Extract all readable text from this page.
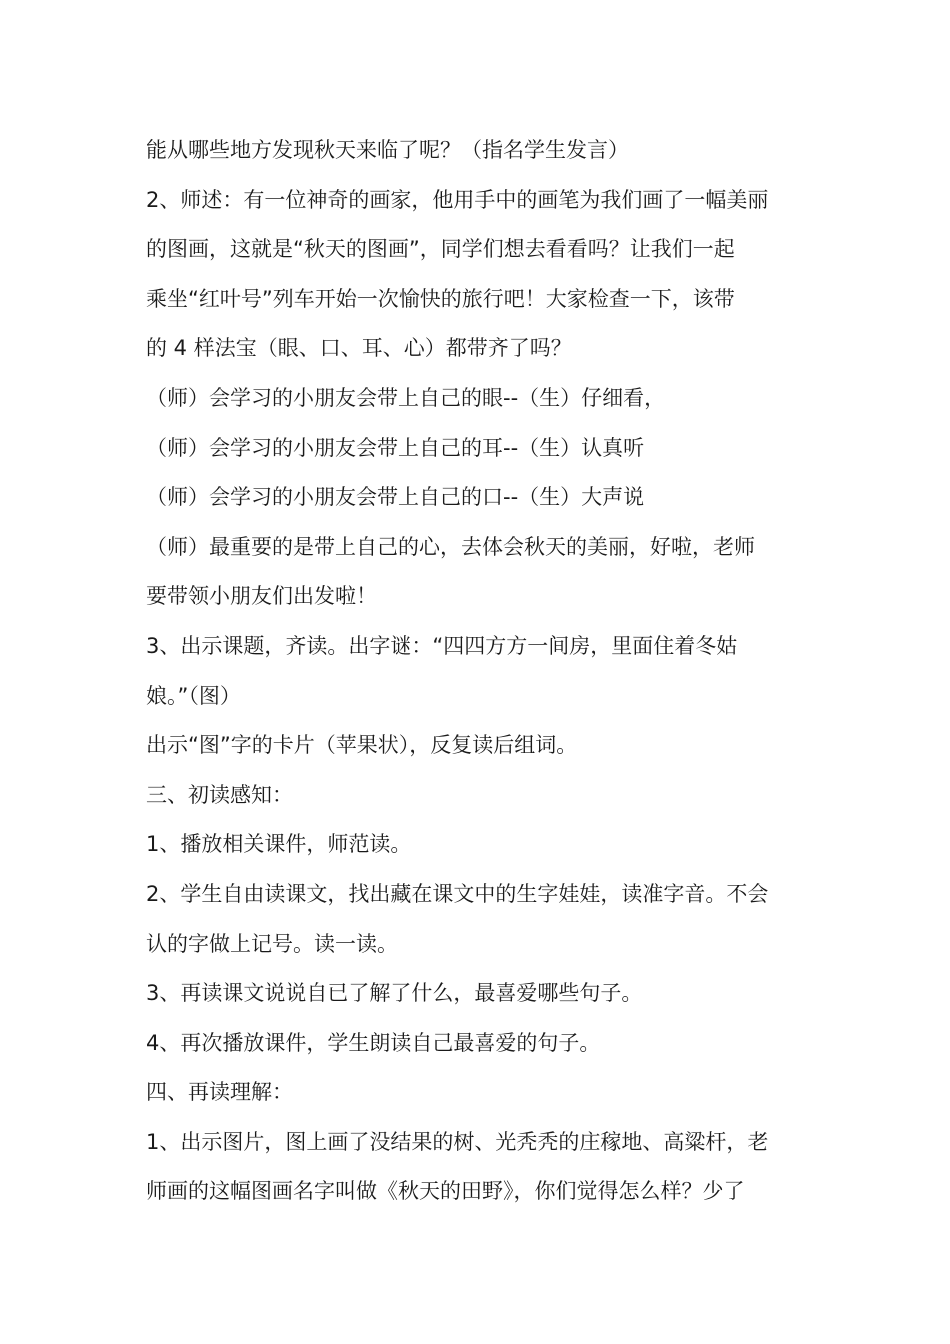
能从哪些地方发现秋天来临了呢？（指名学生发言）

2、师述：有一位神奇的画家，他用手中的画笔为我们画了一幅美丽

的图画，这就是“秋天的图画”，同学们想去看看吗？让我们一起

乘坐“红叶号”列车开始一次愉快的旅行吧！大家检查一下，该带

的 4 样法宝（眼、口、耳、心）都带齐了吗？

（师）会学习的小朋友会带上自己的眼--（生）仔细看，

（师）会学习的小朋友会带上自己的耳--（生）认真听

（师）会学习的小朋友会带上自己的口--（生）大声说

（师）最重要的是带上自己的心，去体会秋天的美丽，好啦，老师

要带领小朋友们出发啦！

3、出示课题，齐读。出字谜：“四四方方一间房，里面住着冬姑

娘。”（图）

出示“图”字的卡片（苹果状），反复读后组词。

三、初读感知：

1、播放相关课件，师范读。

2、学生自由读课文，找出藏在课文中的生字娃娃，读准字音。不会

认的字做上记号。读一读。

3、再读课文说说自已了解了什么，最喜爱哪些句子。

4、再次播放课件，学生朗读自己最喜爱的句子。

四、再读理解：

1、出示图片，图上画了没结果的树、光秃秃的庄稼地、高粱杆，老

师画的这幅图画名字叫做《秋天的田野》，你们觉得怎么样？少了
